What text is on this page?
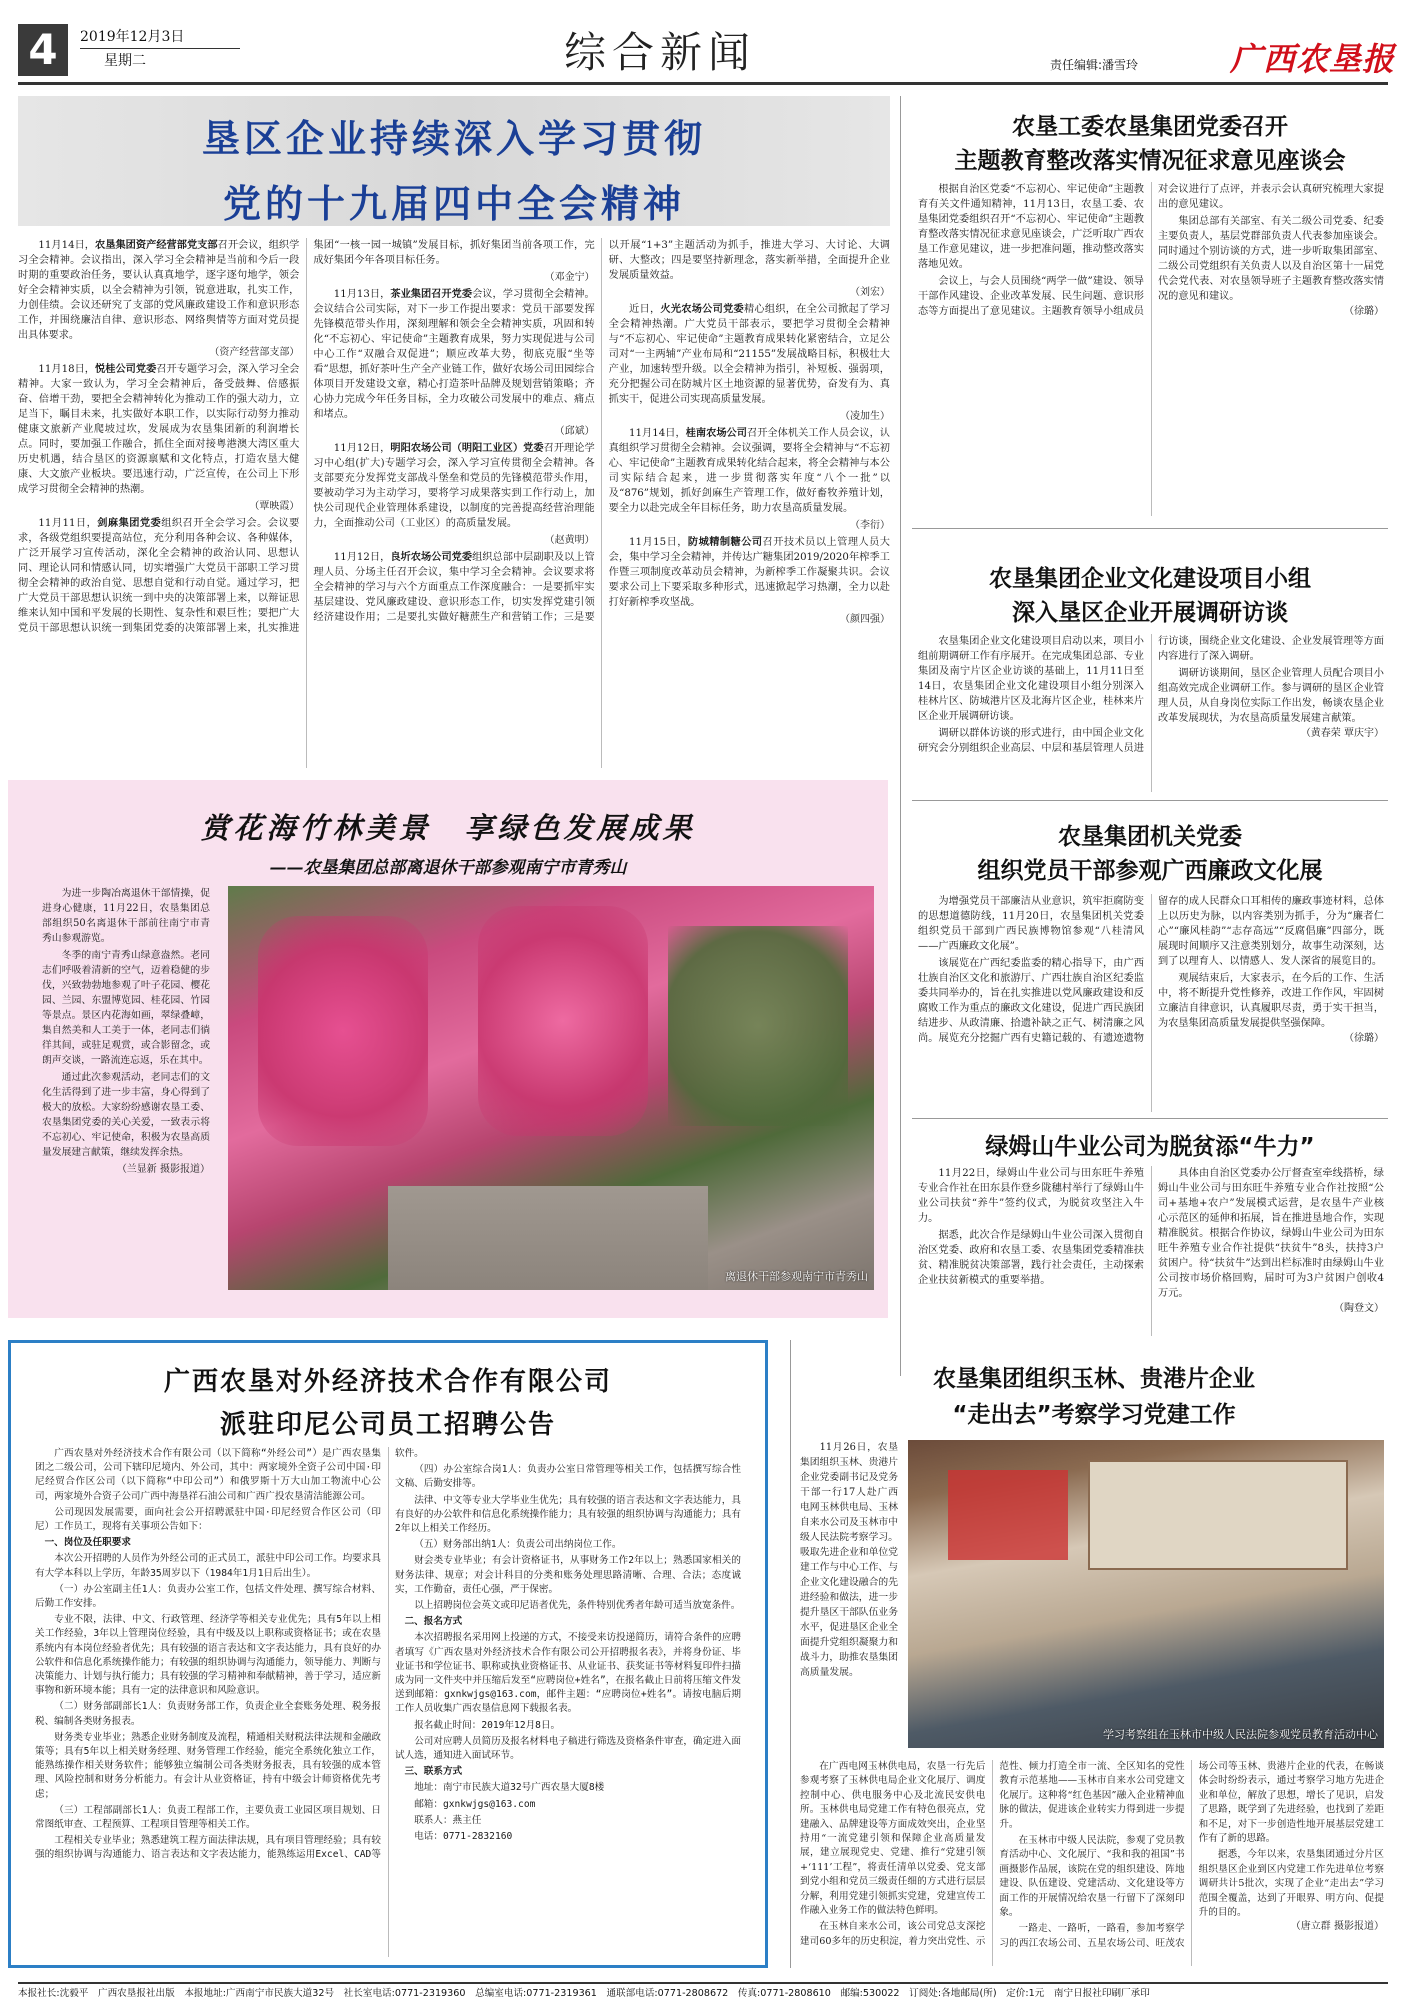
4	2019年12月3日
星期二	综合新闻	责任编辑:潘雪玲	广西农垦报
垦区企业持续深入学习贯彻
党的十九届四中全会精神

11月14日，农垦集团资产经营部党支部召开会议，组织学习全会精神。会议指出，深入学习全会精神是当前和今后一段时期的重要政治任务，要认认真真地学，逐字逐句地学，领会好全会精神实质，以全会精神为引领，锐意进取，扎实工作，力创佳绩。会议还研究了支部的党风廉政建设工作和意识形态工作，并围绕廉洁自律、意识形态、网络舆情等方面对党员提出具体要求。

（资产经营部支部）

11月18日，悦桂公司党委召开专题学习会，深入学习全会精神。大家一致认为，学习全会精神后，备受鼓舞、倍感振奋、倍增干劲，要把全会精神转化为推动工作的强大动力，立足当下，瞩目未来，扎实做好本职工作，以实际行动努力推动健康文旅新产业爬坡过坎，发展成为农垦集团新的利润增长点。同时，要加强工作融合，抓住全面对接粤港澳大湾区重大历史机遇，结合垦区的资源禀赋和文化特点，打造农垦大健康、大文旅产业板块。要迅速行动，广泛宣传，在公司上下形成学习贯彻全会精神的热潮。

（覃映霞）

11月11日，剑麻集团党委组织召开全会学习会。会议要求，各级党组织要提高站位，充分利用各种会议、各种媒体，广泛开展学习宣传活动，深化全会精神的政治认同、思想认同、理论认同和情感认同，切实增强广大党员干部职工学习贯彻全会精神的政治自觉、思想自觉和行动自觉。通过学习，把广大党员干部思想认识统一到中央的决策部署上来，以辩证思维来认知中国和平发展的长期性、复杂性和艰巨性；要把广大党员干部思想认识统一到集团党委的决策部署上来，扎实推进集团“一核一园一城镇”发展目标，抓好集团当前各项工作，完成好集团今年各项目标任务。

（邓金宁）

11月13日，茶业集团召开党委会议，学习贯彻全会精神。会议结合公司实际，对下一步工作提出要求：党员干部要发挥先锋模范带头作用，深刻理解和领会全会精神实质，巩固和转化“不忘初心、牢记使命”主题教育成果，努力实现促进与公司中心工作“双融合双促进”；顺应改革大势，彻底克服“坐等看”思想，抓好茶叶生产全产业链工作，做好农场公司田园综合体项目开发建设文章，精心打造茶叶品牌及规划营销策略；齐心协力完成今年任务目标，全力攻破公司发展中的难点、痛点和堵点。

（邱斌）

11月12日，明阳农场公司（明阳工业区）党委召开理论学习中心组(扩大)专题学习会，深入学习宣传贯彻全会精神。各支部要充分发挥党支部战斗堡垒和党员的先锋模范带头作用，要被动学习为主动学习，要将学习成果落实到工作行动上，加快公司现代企业管理体系建设，以制度的完善提高经营治理能力，全面推动公司（工业区）的高质量发展。

（赵黄明）

11月12日，良圻农场公司党委组织总部中层副职及以上管理人员、分场主任召开会议，集中学习全会精神。会议要求将全会精神的学习与六个方面重点工作深度融合：一是要抓牢实基层建设、党风廉政建设、意识形态工作，切实发挥党建引领经济建设作用；二是要扎实做好糖蔗生产和营销工作；三是要以开展“1+3”主题活动为抓手，推进大学习、大讨论、大调研、大整改；四是要坚持新理念，落实新举措，全面提升企业发展质量效益。

（刘宏）

近日，火光农场公司党委精心组织，在全公司掀起了学习全会精神热潮。广大党员干部表示，要把学习贯彻全会精神与“不忘初心、牢记使命”主题教育成果转化紧密结合，立足公司对“一主两辅”产业布局和“21155”发展战略目标，积极壮大产业，加速转型升级。以全会精神为指引，补短板、强弱项，充分把握公司在防城片区土地资源的显著优势，奋发有为、真抓实干，促进公司实现高质量发展。

（凌加生）

11月14日，桂南农场公司召开全体机关工作人员会议，认真组织学习贯彻全会精神。会议强调，要将全会精神与“不忘初心、牢记使命”主题教育成果转化结合起来，将全会精神与本公司实际结合起来，进一步贯彻落实年度“八个一批”以及“876”规划，抓好剑麻生产管理工作，做好畜牧养殖计划，要全力以赴完成全年目标任务，助力农垦高质量发展。

（李衍）

11月15日，防城精制糖公司召开技术员以上管理人员大会，集中学习全会精神，并传达广糖集团2019/2020年榨季工作暨三项制度改革动员会精神，为新榨季工作凝聚共识。会议要求公司上下要采取多种形式，迅速掀起学习热潮，全力以赴打好新榨季攻坚战。

（颜四强）

农垦工委农垦集团党委召开
主题教育整改落实情况征求意见座谈会

根据自治区党委“不忘初心、牢记使命”主题教育有关文件通知精神，11月13日，农垦工委、农垦集团党委组织召开“不忘初心、牢记使命”主题教育整改落实情况征求意见座谈会，广泛听取广西农垦工作意见建议，进一步把准问题，推动整改落实落地见效。

会议上，与会人员围绕“两学一做”建设、领导干部作风建设、企业改革发展、民生问题、意识形态等方面提出了意见建议。主题教育领导小组成员对会议进行了点评，并表示会认真研究梳理大家提出的意见建议。

集团总部有关部室、有关二级公司党委、纪委主要负责人，基层党群部负责人代表参加座谈会。同时通过个别访谈的方式，进一步听取集团部室、二级公司党组织有关负责人以及自治区第十一届党代会党代表、对农垦领导班子主题教育整改落实情况的意见和建议。

（徐璐）
农垦集团企业文化建设项目小组
深入垦区企业开展调研访谈

农垦集团企业文化建设项目启动以来，项目小组前期调研工作有序展开。在完成集团总部、专业集团及南宁片区企业访谈的基础上，11月11日至14日，农垦集团企业文化建设项目小组分别深入桂林片区、防城港片区及北海片区企业，桂林来片区企业开展调研访谈。

调研以群体访谈的形式进行，由中国企业文化研究会分别组织企业高层、中层和基层管理人员进行访谈，围绕企业文化建设、企业发展管理等方面内容进行了深入调研。

调研访谈期间，垦区企业管理人员配合项目小组高效完成企业调研工作。参与调研的垦区企业管理人员，从自身岗位实际工作出发，畅谈农垦企业改革发展现状，为农垦高质量发展建言献策。

（黄春荣 覃庆宇）
农垦集团机关党委
组织党员干部参观广西廉政文化展

为增强党员干部廉洁从业意识，筑牢拒腐防变的思想道德防线，11月20日，农垦集团机关党委组织党员干部到广西民族博物馆参观“八桂清风——广西廉政文化展”。

该展览在广西纪委监委的精心指导下，由广西壮族自治区文化和旅游厅、广西壮族自治区纪委监委共同举办的，旨在扎实推进以党风廉政建设和反腐败工作为重点的廉政文化建设，促进广西民族团结进步、从政清廉、拾遗补缺之正气、树清廉之风尚。展览充分挖掘广西有史籍记载的、有遗迹遗物留存的成人民群众口耳相传的廉政事迹材料，总体上以历史为脉，以内容类别为抓手，分为“廉者仁心”“廉风桂韵”“志存高远”“反腐倡廉”四部分，既展现时间顺序又注意类别划分，故事生动深刻，达到了以理育人、以情感人、发人深省的展览目的。

观展结束后，大家表示，在今后的工作、生活中，将不断提升党性修养，改进工作作风，牢固树立廉洁自律意识，认真履职尽责，勇于实干担当，为农垦集团高质量发展提供坚强保障。

（徐璐）
绿姆山牛业公司为脱贫添“牛力”

11月22日，绿姆山牛业公司与田东旺牛养殖专业合作社在田东县作登乡陇穗村举行了绿姆山牛业公司扶贫“养牛”签约仪式，为脱贫攻坚注入牛力。

据悉，此次合作是绿姆山牛业公司深入贯彻自治区党委、政府和农垦工委、农垦集团党委精准扶贫、精准脱贫决策部署，践行社会责任，主动探索企业扶贫新模式的重要举措。

具体由自治区党委办公厅督查室牵线搭桥，绿姆山牛业公司与田东旺牛养殖专业合作社按照“公司+基地+农户”发展模式运营，是农垦牛产业核心示范区的延伸和拓展，旨在推进垦地合作，实现精准脱贫。根据合作协议，绿姆山牛业公司为田东旺牛养殖专业合作社提供“扶贫牛”8头，扶持3户贫困户。待“扶贫牛”达到出栏标准时由绿姆山牛业公司按市场价格回购，届时可为3户贫困户创收4万元。

（陶登文）
赏花海竹林美景　享绿色发展成果
——农垦集团总部离退休干部参观南宁市青秀山

为进一步陶冶离退休干部情操，促进身心健康，11月22日，农垦集团总部组织50名离退休干部前往南宁市青秀山参观游览。

冬季的南宁青秀山绿意盎然。老同志们呼吸着清新的空气，迈着稳健的步伐，兴致勃勃地参观了叶子花园、樱花园、兰园、东盟博览园、桂花园、竹园等景点。景区内花海如画，翠绿叠嶂，集自然美和人工美于一体，老同志们徜徉其间，或驻足观赏，或合影留念，或朗声交谈，一路流连忘返，乐在其中。

通过此次参观活动，老同志们的文化生活得到了进一步丰富，身心得到了极大的放松。大家纷纷感谢农垦工委、农垦集团党委的关心关爱，一致表示将不忘初心、牢记使命，积极为农垦高质量发展建言献策，继续发挥余热。

（兰显新 摄影报道）
离退休干部参观南宁市青秀山
广西农垦对外经济技术合作有限公司
派驻印尼公司员工招聘公告

广西农垦对外经济技术合作有限公司（以下简称“外经公司”）是广西农垦集团之二级公司，公司下辖印尼境内、外公司，其中：两家境外全资子公司中国·印尼经贸合作区公司（以下简称“中印公司”）和俄罗斯十万大山加工物流中心公司，两家境外合资子公司广西中海垦祥石油公司和广西广投农垦清洁能源公司。

公司现因发展需要，面向社会公开招聘派驻中国·印尼经贸合作区公司（印尼）工作员工，现将有关事项公告如下：

一、岗位及任职要求

本次公开招聘的人员作为外经公司的正式员工，派驻中印公司工作。均要求具有大学本科以上学历，年龄35周岁以下（1984年1月1日后出生）。

（一）办公室副主任1人：负责办公室工作，包括文件处理、撰写综合材料、后勤工作安排。

专业不限，法律、中文、行政管理、经济学等相关专业优先；具有5年以上相关工作经验，3年以上管理岗位经验，具有中级及以上职称或资格证书；或在农垦系统内有本岗位经验者优先；具有较强的语言表达和文字表达能力，具有良好的办公软件和信息化系统操作能力；有较强的组织协调与沟通能力，领导能力、判断与决策能力、计划与执行能力；具有较强的学习精神和奉献精神，善于学习，适应新事物和新环境本能；具有一定的法律意识和风险意识。

（二）财务部副部长1人：负责财务部工作，负责企业全套账务处理、税务报税、编制各类财务报表。

财务类专业毕业；熟悉企业财务制度及流程，精通相关财税法律法规和金融政策等；具有5年以上相关财务经理、财务管理工作经验，能完全系统化独立工作，能熟练操作相关财务软件；能够独立编制公司各类财务报表，具有较强的成本管理、风险控制和财务分析能力。有会计从业资格证，持有中级会计师资格优先考虑；

（三）工程部副部长1人：负责工程部工作，主要负责工业园区项目规划、日常图纸审查、工程预算、工程项目管理等相关工作。

工程相关专业毕业；熟悉建筑工程方面法律法规，具有项目管理经验；具有较强的组织协调与沟通能力、语言表达和文字表达能力，能熟练运用Excel、CAD等软件。

（四）办公室综合岗1人：负责办公室日常管理等相关工作，包括撰写综合性文稿、后勤安排等。

法律、中文等专业大学毕业生优先；具有较强的语言表达和文字表达能力，具有良好的办公软件和信息化系统操作能力；具有较强的组织协调与沟通能力；具有2年以上相关工作经历。

（五）财务部出纳1人：负责公司出纳岗位工作。

财会类专业毕业；有会计资格证书，从事财务工作2年以上；熟悉国家相关的财务法律、规章；对会计科目的分类和账务处理思路清晰、合理、合法；态度诚实，工作勤奋，责任心强，严于保密。

以上招聘岗位会英文或印尼语者优先，条件特别优秀者年龄可适当放宽条件。

二、报名方式

本次招聘报名采用网上投递的方式，不接受来访投递简历，请符合条件的应聘者填写《广西农垦对外经济技术合作有限公司公开招聘报名表》，并将身份证、毕业证书和学位证书、职称或执业资格证书、从业证书、获奖证书等材料复印件扫描成为同一文件夹中并压缩后发至“应聘岗位+姓名”，在报名截止日前将压缩文件发送到邮箱：gxnkwjgs@163.com，邮件主题：“应聘岗位+姓名”。请按电脑后期工作人员收集广西农垦信息网下载报名表。

报名截止时间：2019年12月8日。

公司对应聘人员简历及报名材料电子稿进行筛选及资格条件审查，确定进入面试人选，通知进入面试环节。

三、联系方式

地址：南宁市民族大道32号广西农垦大厦8楼

邮箱：gxnkwjgs@163.com

联系人：燕主任

电话：0771-2832160

农垦集团组织玉林、贵港片企业
“走出去”考察学习党建工作
学习考察组在玉林市中级人民法院参观党员教育活动中心

11月26日，农垦集团组织玉林、贵港片企业党委副书记及党务干部一行17人赴广西电网玉林供电局、玉林自来水公司及玉林市中级人民法院考察学习。吸取先进企业和单位党建工作与中心工作、与企业文化建设融合的先进经验和做法，进一步提升垦区干部队伍业务水平，促进垦区企业全面提升党组织凝聚力和战斗力，助推农垦集团高质量发展。

在广西电网玉林供电局，农垦一行先后参观考察了玉林供电局企业文化展厅、调度控制中心、供电服务中心及北流民安供电所。玉林供电局党建工作有特色很亮点，党建融入、品牌建设等方面成效突出，企业坚持用“一流党建引领和保障企业高质量发展，建立展现党史、党建、推行“党建引领+‘111’工程”，将责任清单以党委、党支部到党小组和党员三级责任细的方式进行层层分解，利用党建引领抓实党建，党建宣传工作融入业务工作的做法特色鲜明。

在玉林自来水公司，该公司党总支深挖建司60多年的历史积淀，着力突出党性、示范性、倾力打造全市一流、全区知名的党性教育示范基地——玉林市自来水公司党建文化展厅。这种将“红色基因”融入企业精神血脉的做法，促进该企业转实力得到进一步提升。

在玉林市中级人民法院，参观了党员教育活动中心、文化展厅、“我和我的祖国”书画摄影作品展，该院在党的组织建设、阵地建设、队伍建设、党建活动、文化建设等方面工作的开展情况给农垦一行留下了深刻印象。

一路走、一路听，一路看，参加考察学习的西江农场公司、五星农场公司、旺茂农场公司等玉林、贵港片企业的代表，在畅谈体会时纷纷表示，通过考察学习地方先进企业和单位，解放了思想，增长了见识，启发了思路，既学到了先进经验，也找到了差距和不足，对下一步创造性地开展基层党建工作有了新的思路。

据悉，今年以来，农垦集团通过分片区组织垦区企业到区内党建工作先进单位考察调研共计5批次，实现了企业“走出去”学习范围全覆盖，达到了开眼界、明方向、促提升的目的。

（唐立群 摄影报道）
本报社长:沈毅平　广西农垦报社出版　本报地址:广西南宁市民族大道32号　社长室电话:0771-2319360　总编室电话:0771-2319361　通联部电话:0771-2808672　传真:0771-2808610　邮编:530022　订阅处:各地邮局(所)　定价:1元　南宁日报社印刷厂承印
